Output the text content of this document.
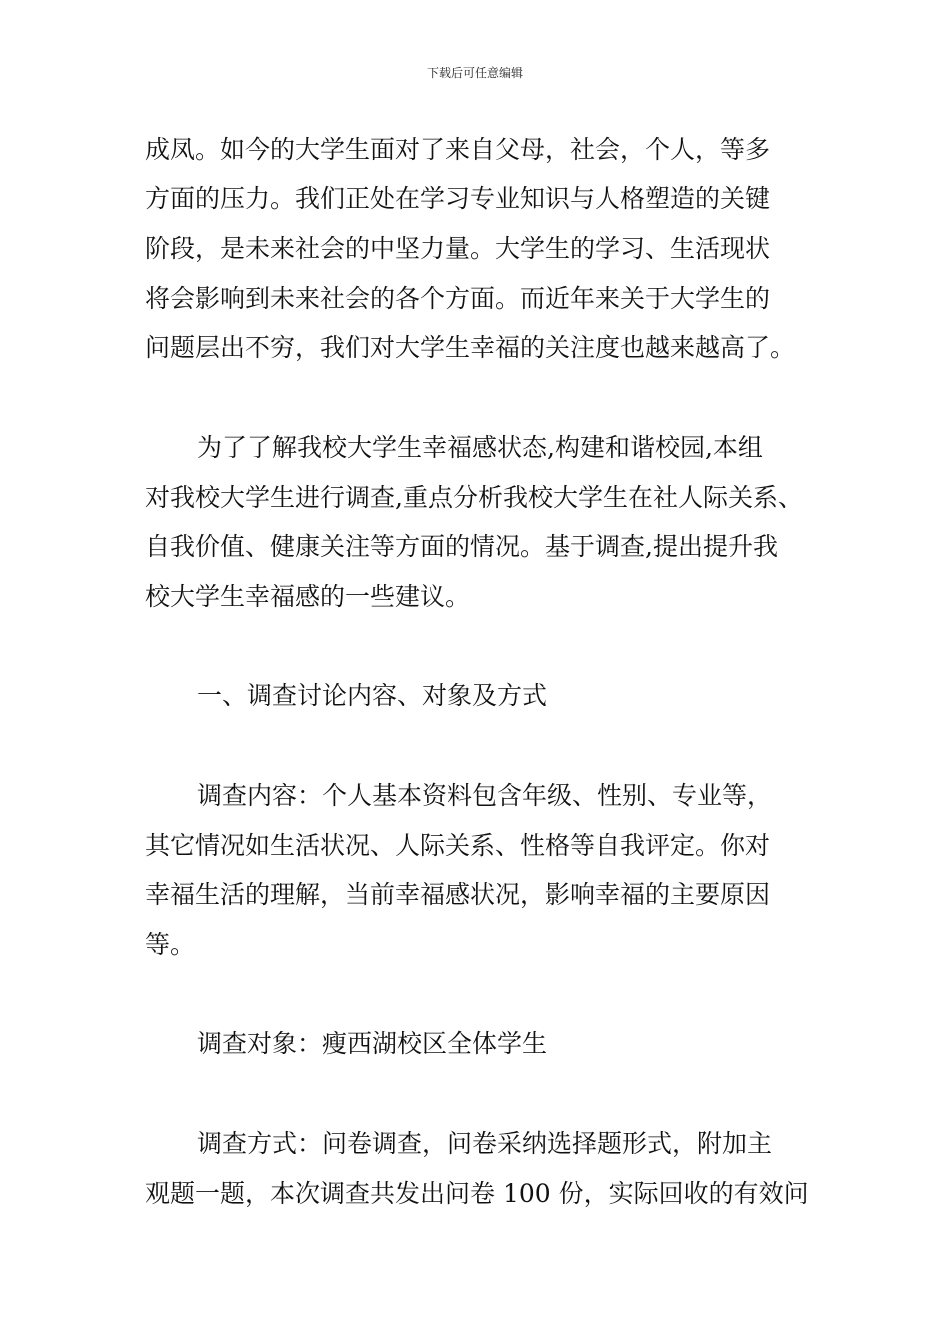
下载后可任意编辑
成凤。如今的大学生面对了来自父母，社会，个人，等多
方面的压力。我们正处在学习专业知识与人格塑造的关键
阶段，是未来社会的中坚力量。大学生的学习、生活现状
将会影响到未来社会的各个方面。而近年来关于大学生的
问题层出不穷，我们对大学生幸福的关注度也越来越高了。
为了了解我校大学生幸福感状态,构建和谐校园,本组
对我校大学生进行调查,重点分析我校大学生在社人际关系、
自我价值、健康关注等方面的情况。基于调查,提出提升我
校大学生幸福感的一些建议。
一、调查讨论内容、对象及方式
调查内容：个人基本资料包含年级、性别、专业等，
其它情况如生活状况、人际关系、性格等自我评定。你对
幸福生活的理解，当前幸福感状况，影响幸福的主要原因
等。
调查对象：瘦西湖校区全体学生
调查方式：问卷调查，问卷采纳选择题形式，附加主
观题一题，本次调查共发出问卷 100 份，实际回收的有效问
